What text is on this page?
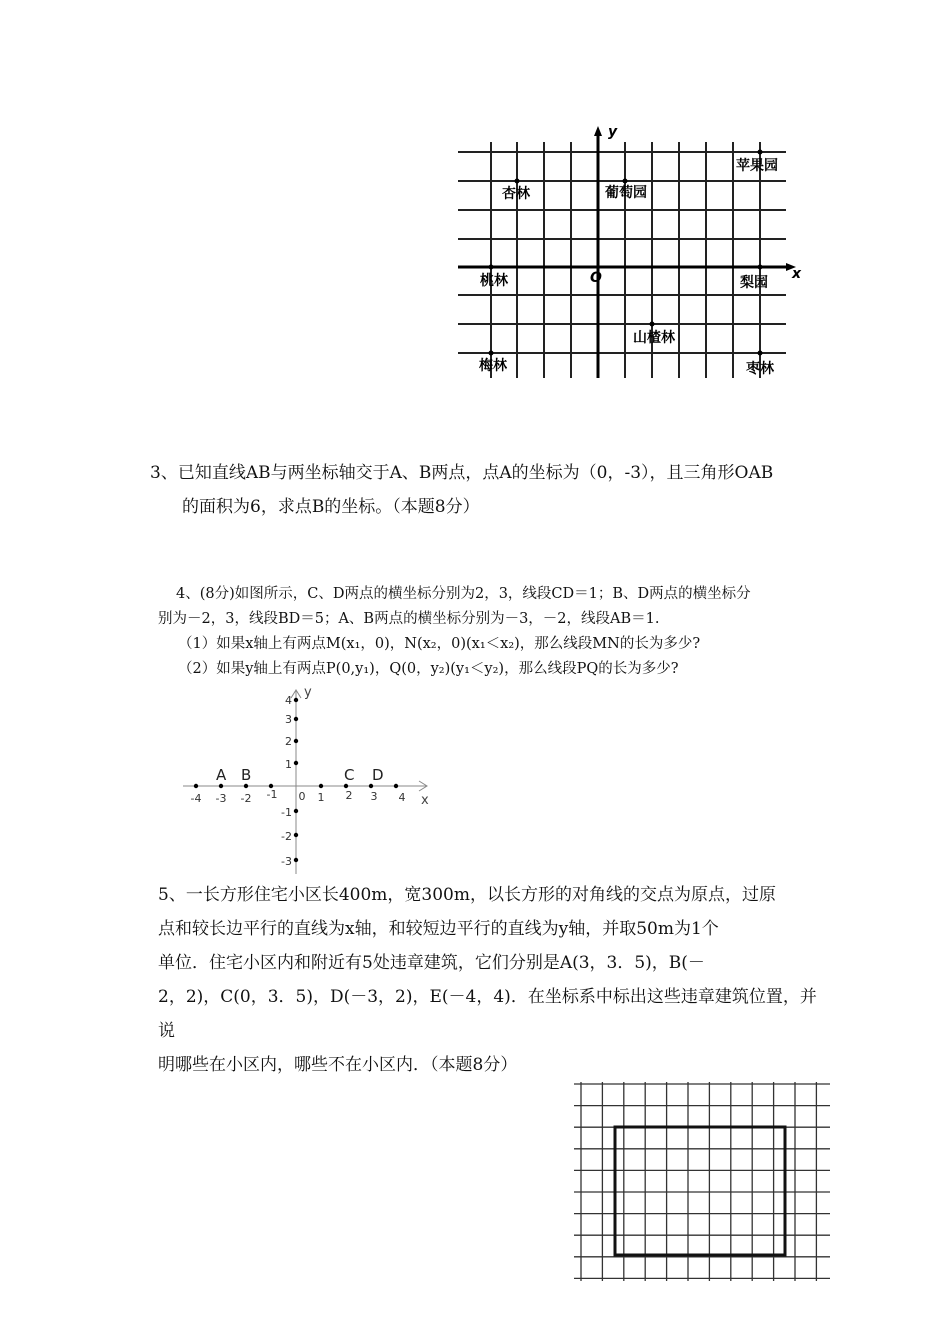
y
x
O
杏林	葡萄园
苹果园
桃林	梨园
山楂林
梅林	枣林
3、已知直线AB与两坐标轴交于A、B两点，点A的坐标为（0，-3），且三角形OAB
的面积为6，求点B的坐标。（本题8分）
4、(8分)如图所示，C、D两点的横坐标分别为2，3，线段CD＝1；B、D两点的横坐标分
别为－2，3，线段BD＝5；A、B两点的横坐标分别为－3，－2，线段AB＝1.
（1）如果x轴上有两点M(x₁，0)，N(x₂，0)(x₁＜x₂)，那么线段MN的长为多少?
（2）如果y轴上有两点P(0,y₁)，Q(0，y₂)(y₁＜y₂)，那么线段PQ的长为多少?
x
y
-4 -3 -2 -1 0 1 2 3 4
4
3
2
1
-1
-2
-3
A B	C D
5、一长方形住宅小区长400m，宽300m，以长方形的对角线的交点为原点，过原
点和较长边平行的直线为x轴，和较短边平行的直线为y轴，并取50m为1个
单位．住宅小区内和附近有5处违章建筑，它们分别是A(3，3．5)，B(－
2，2)，C(0，3．5)，D(－3，2)，E(－4，4)．在坐标系中标出这些违章建筑位置，并说
明哪些在小区内，哪些不在小区内．（本题8分）
